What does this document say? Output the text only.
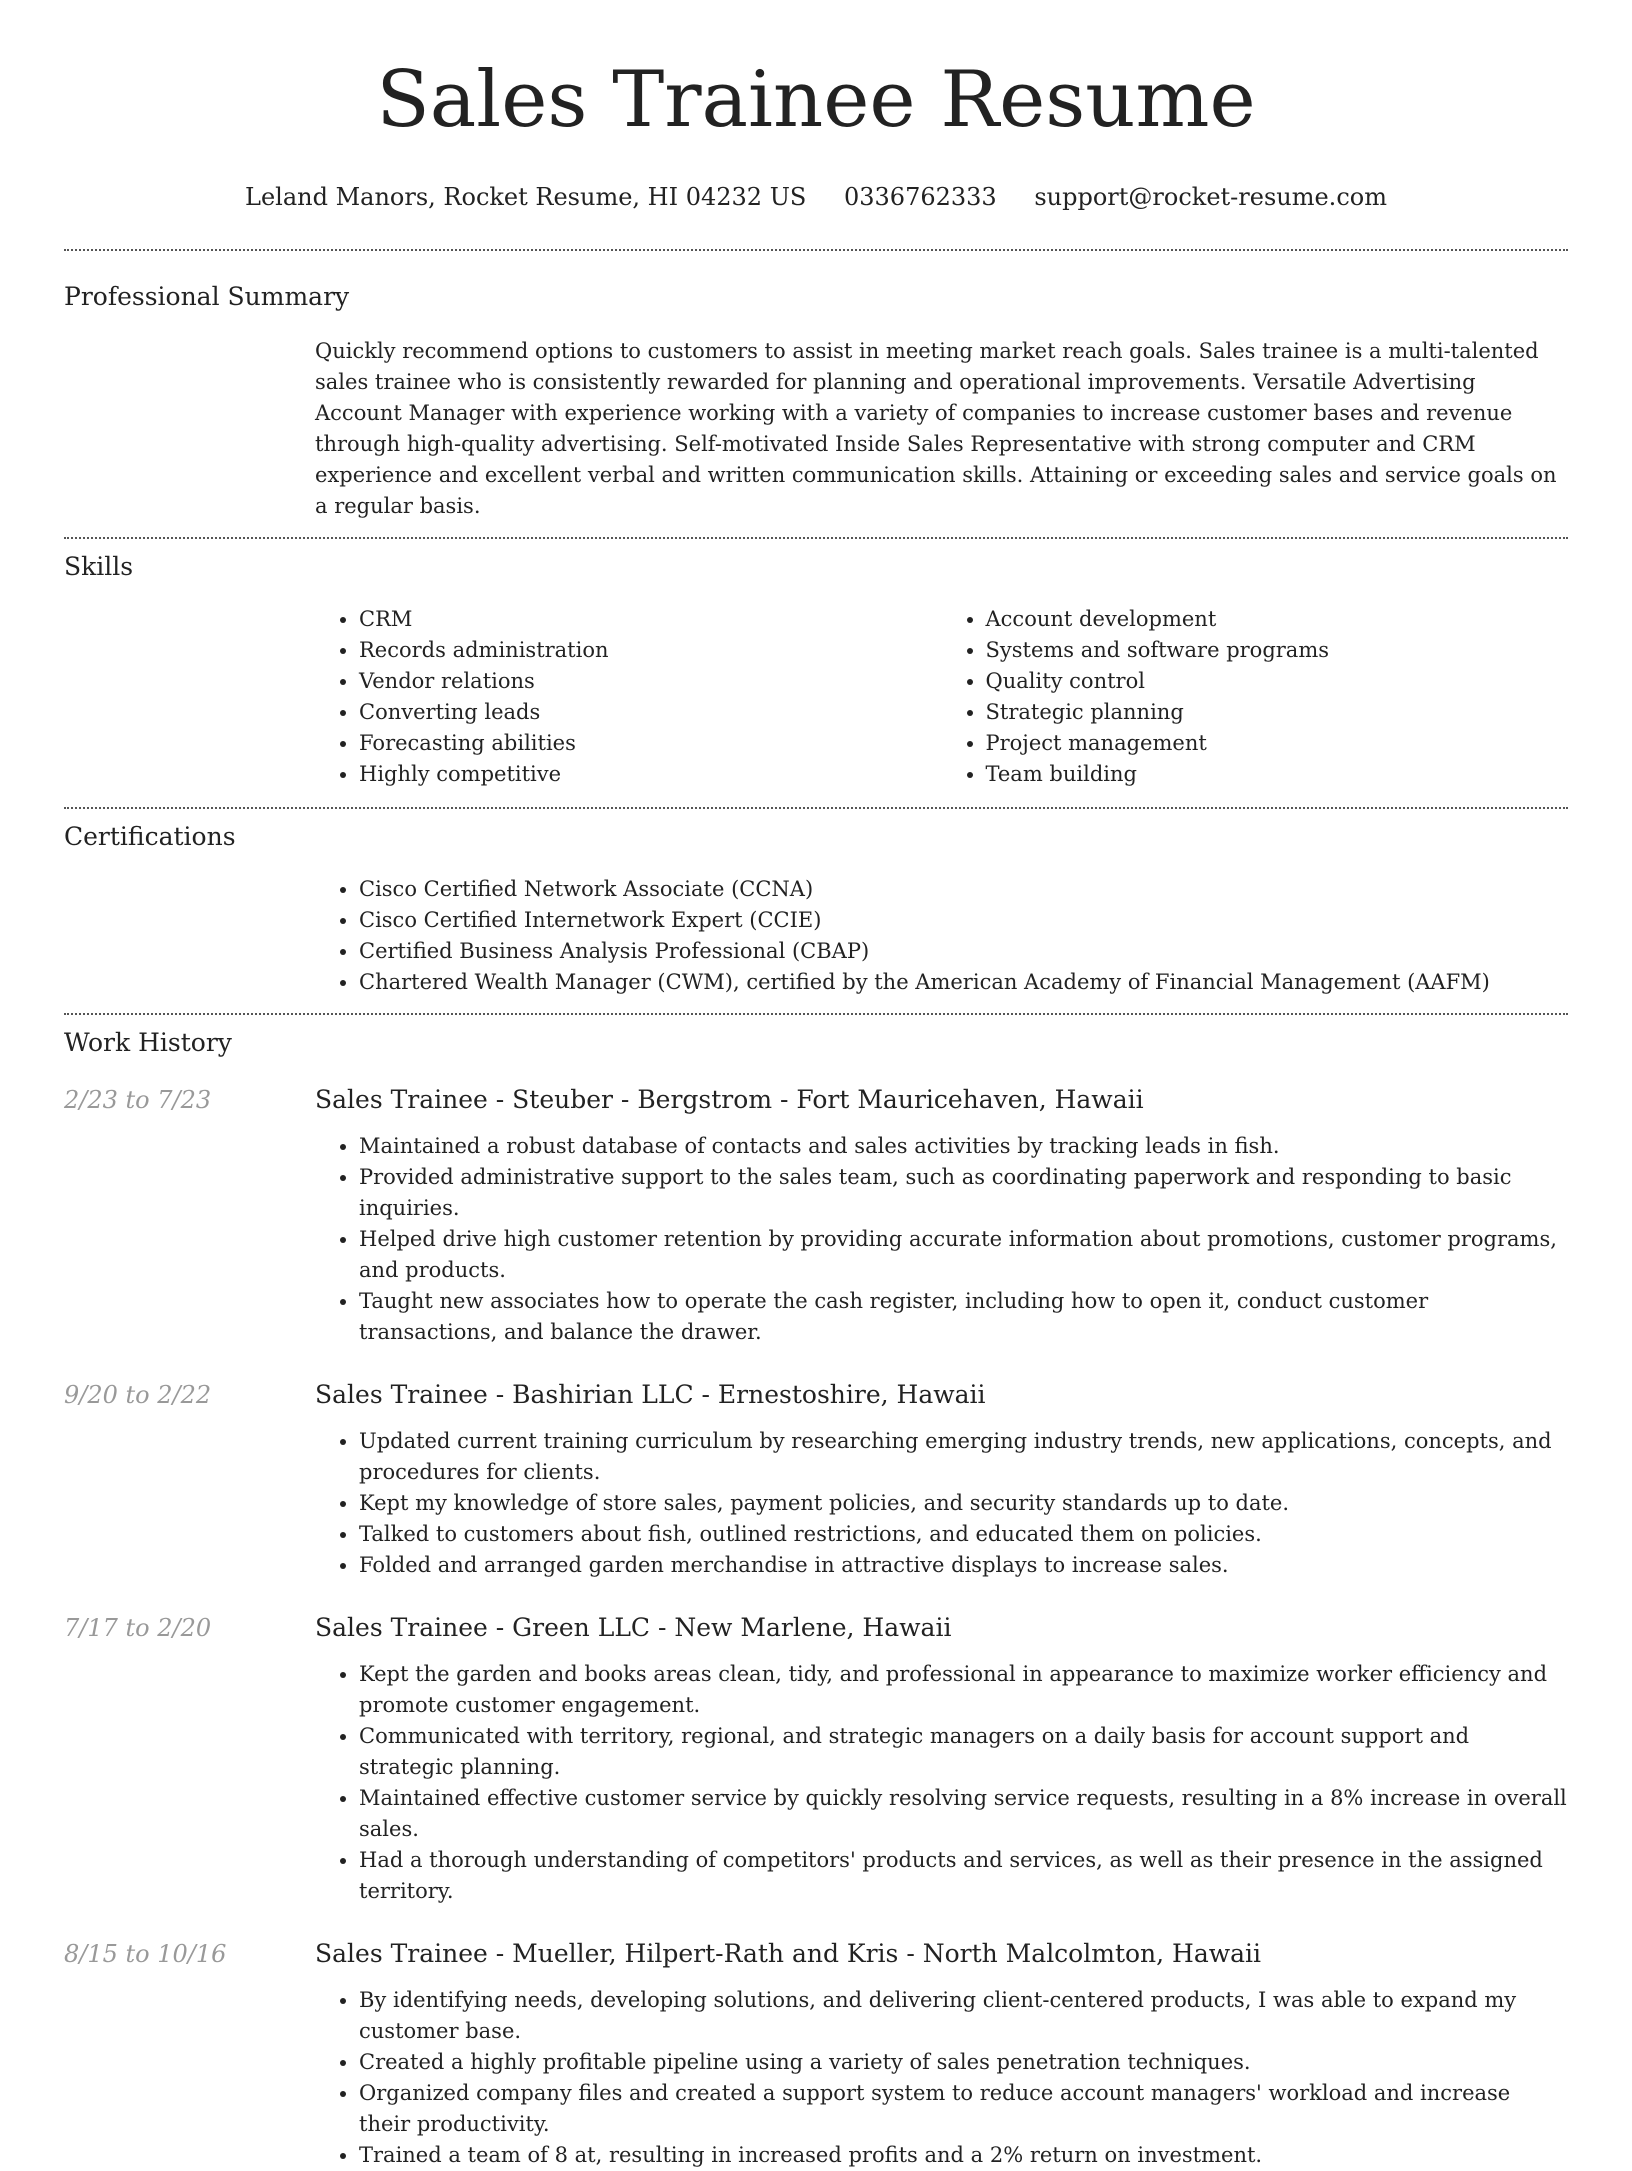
Sales Trainee Resume
Leland Manors, Rocket Resume, HI 04232 US 0336762333 support@rocket-resume.com
Professional Summary

Quickly recommend options to customers to assist in meeting market reach goals. Sales trainee is a multi-talented sales trainee who is consistently rewarded for planning and operational improvements. Versatile Advertising Account Manager with experience working with a variety of companies to increase customer bases and revenue through high-quality advertising. Self-motivated Inside Sales Representative with strong computer and CRM experience and excellent verbal and written communication skills. Attaining or exceeding sales and service goals on a regular basis.

Skills
• CRM
• Records administration
• Vendor relations
• Converting leads
• Forecasting abilities
• Highly competitive
• Account development
• Systems and software programs
• Quality control
• Strategic planning
• Project management
• Team building
Certifications
• Cisco Certified Network Associate (CCNA)
• Cisco Certified Internetwork Expert (CCIE)
• Certified Business Analysis Professional (CBAP)
• Chartered Wealth Manager (CWM), certified by the American Academy of Financial Management (AAFM)
Work History
2/23 to 7/23	Sales Trainee - Steuber - Bergstrom - Fort Mauricehaven, Hawaii
• Maintained a robust database of contacts and sales activities by tracking leads in fish.
• Provided administrative support to the sales team, such as coordinating paperwork and responding to basic inquiries.
• Helped drive high customer retention by providing accurate information about promotions, customer programs, and products.
• Taught new associates how to operate the cash register, including how to open it, conduct customer transactions, and balance the drawer.
9/20 to 2/22	Sales Trainee - Bashirian LLC - Ernestoshire, Hawaii
• Updated current training curriculum by researching emerging industry trends, new applications, concepts, and procedures for clients.
• Kept my knowledge of store sales, payment policies, and security standards up to date.
• Talked to customers about fish, outlined restrictions, and educated them on policies.
• Folded and arranged garden merchandise in attractive displays to increase sales.
7/17 to 2/20	Sales Trainee - Green LLC - New Marlene, Hawaii
• Kept the garden and books areas clean, tidy, and professional in appearance to maximize worker efficiency and promote customer engagement.
• Communicated with territory, regional, and strategic managers on a daily basis for account support and strategic planning.
• Maintained effective customer service by quickly resolving service requests, resulting in a 8% increase in overall sales.
• Had a thorough understanding of competitors' products and services, as well as their presence in the assigned territory.
8/15 to 10/16	Sales Trainee - Mueller, Hilpert-Rath and Kris - North Malcolmton, Hawaii
• By identifying needs, developing solutions, and delivering client-centered products, I was able to expand my customer base.
• Created a highly profitable pipeline using a variety of sales penetration techniques.
• Organized company files and created a support system to reduce account managers' workload and increase their productivity.
• Trained a team of 8 at, resulting in increased profits and a 2% return on investment.
